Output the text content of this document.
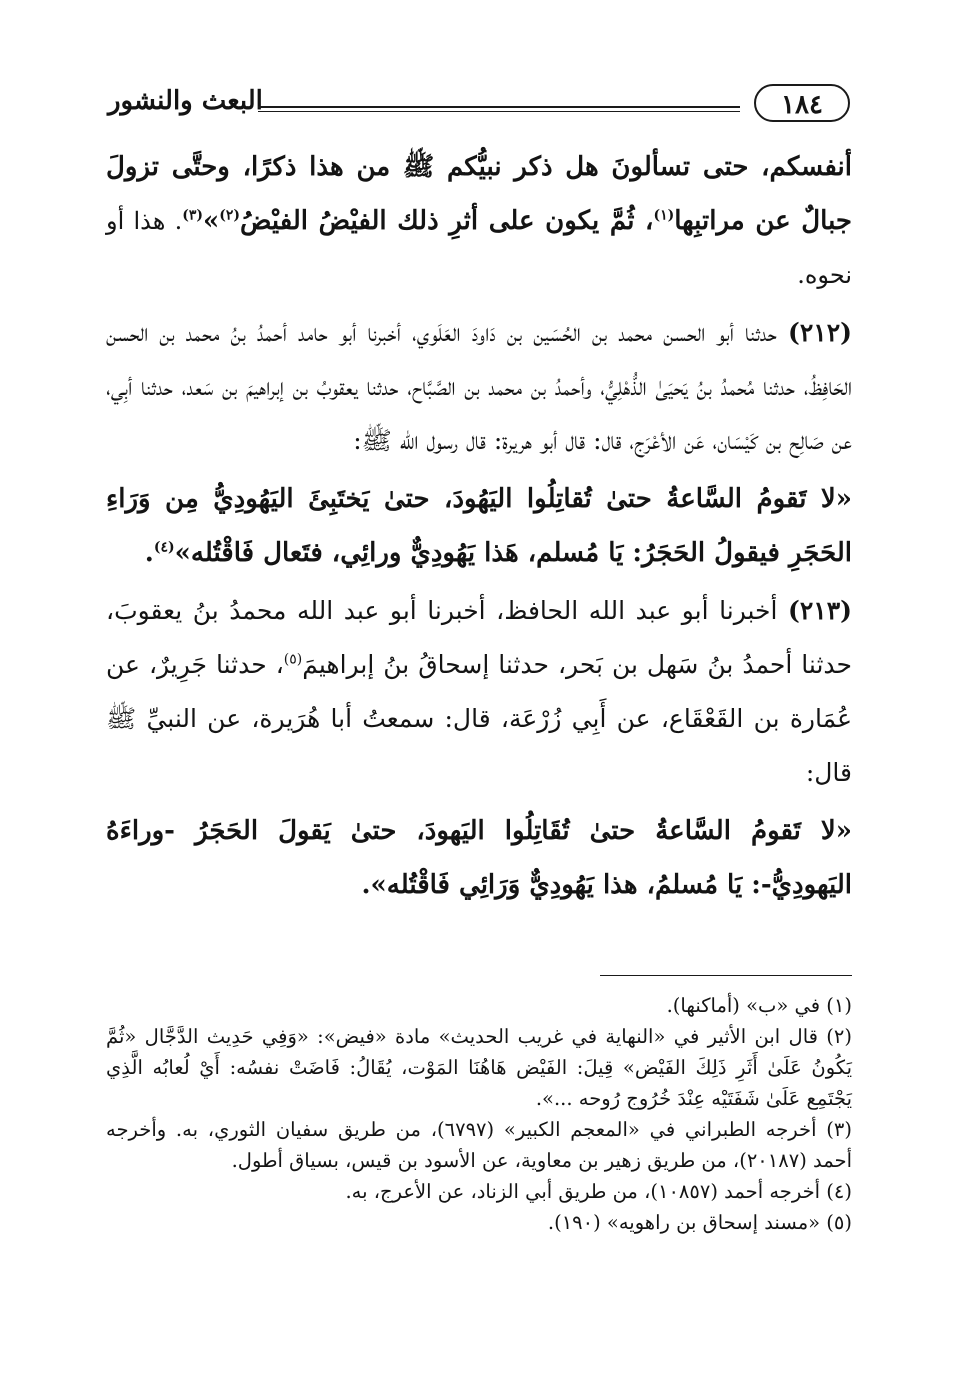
البعث والنشور	١٨٤

أنفسكم، حتى تسألونَ هل ذكر نبيُّكم ﷺ من هذا ذكرًا، وحتَّى تزولَ جبالٌ عن مراتبِها$^{(١)}$، ثُمَّ يكون على أثرِ ذلك الفيْضُ الفيْضُ$^{(٢)}$»$^{(٣)}$. هذا أو نحوه.

(٢١٢) حدثنا أبو الحسن محمد بن الحُسَين بن دَاودَ العَلَوي، أخبرنا أبو حامد أحمدُ بنُ محمد بن الحسن الحَافِظُ، حدثنا مُحمدُ بنُ يَحيَىٰ الذُّهْلِيُّ، وأحمدُ بن محمد بن الصَّبَّاح، حدثنا يعقوبُ بن إبراهيمَ بن سَعد، حدثنا أبِي، عن صَالِح بن كَيْسَان، عَن الأعْرَج، قال: قال أبو هريرة: قال رسول الله ﷺ:

«لا تَقومُ السَّاعةُ حتىٰ تُقاتِلُوا اليَهُودَ، حتىٰ يَختَبِئَ اليَهُودِيُّ مِن وَرَاءِ الحَجَرِ فيقولُ الحَجَرُ: يَا مُسلم، هَذا يَهُودِيٌّ ورائِي، فتَعال فَاقْتُله»$^{(٤)}$.

(٢١٣) أخبرنا أبو عبد الله الحافظ، أخبرنا أبو عبد الله محمدُ بنُ يعقوبَ، حدثنا أحمدُ بنُ سَهل بن بَحر، حدثنا إسحاقُ بنُ إبراهيمَ$^{(٥)}$، حدثنا جَرِيرٌ، عن عُمَارة بن القَعْقَاع، عن أَبِي زُرْعَة، قال: سمعتُ أبا هُرَيرة، عن النبيِّ ﷺ قال:

«لا تَقومُ السَّاعةُ حتىٰ تُقَاتِلُوا اليَهودَ، حتىٰ يَقولَ الحَجَرُ -وراءَهُ اليَهودِيُّ-: يَا مُسلمُ، هذا يَهُودِيٌّ وَرَائِي فَاقْتُله».

(١) في «ب» (أماكنها).

(٢) قال ابن الأثير في «النهاية في غريب الحديث» مادة «فيض»: «وَفِي حَدِيث الدَّجَّال «ثُمَّ يَكُونُ عَلَىٰ أَثَرِ ذَلِكَ الفَيْض» قِيلَ: الفَيْض هَاهُنَا المَوْت، يُقَالُ: فَاضَتْ نفسُه: أَيْ لُعابُه الَّذِي يَجْتَمِع عَلَىٰ شَفَتَيْه عِنْدَ خُرُوج رُوحه ...».

(٣) أخرجه الطبراني في «المعجم الكبير» (٦٧٩٧)، من طريق سفيان الثوري، به. وأخرجه أحمد (٢٠١٨٧)، من طريق زهير بن معاوية، عن الأسود بن قيس، بسياق أطول.

(٤) أخرجه أحمد (١٠٨٥٧)، من طريق أبي الزناد، عن الأعرج، به.

(٥) «مسند إسحاق بن راهويه» (١٩٠).
